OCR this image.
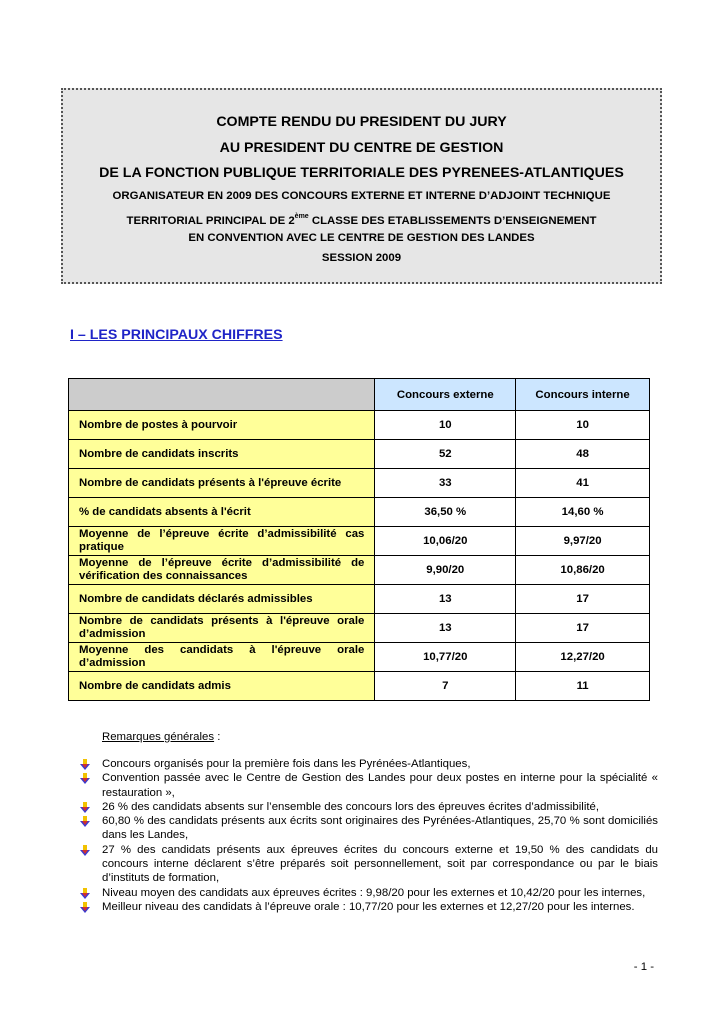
COMPTE RENDU DU PRESIDENT DU JURY
AU PRESIDENT DU CENTRE DE GESTION
DE LA FONCTION PUBLIQUE TERRITORIALE DES PYRENEES-ATLANTIQUES
ORGANISATEUR EN 2009 DES CONCOURS EXTERNE ET INTERNE D’ADJOINT TECHNIQUE
TERRITORIAL PRINCIPAL DE 2ème CLASSE DES ETABLISSEMENTS D’ENSEIGNEMENT
EN CONVENTION AVEC LE CENTRE DE GESTION DES LANDES
SESSION 2009
I – LES PRINCIPAUX CHIFFRES
	Concours externe	Concours interne
Nombre de postes à pourvoir	10	10
Nombre de candidats inscrits	52	48
Nombre de candidats présents à l'épreuve écrite	33	41
% de candidats absents à l'écrit	36,50 %	14,60 %
Moyenne de l’épreuve écrite d’admissibilité cas pratique	10,06/20	9,97/20
Moyenne de l’épreuve écrite d’admissibilité de vérification des connaissances	9,90/20	10,86/20
Nombre de candidats déclarés admissibles	13	17
Nombre de candidats présents à l'épreuve orale d’admission	13	17
Moyenne des candidats à l'épreuve orale d’admission	10,77/20	12,27/20
Nombre de candidats admis	7	11
Remarques générales :
Concours organisés pour la première fois dans les Pyrénées-Atlantiques,
Convention passée avec le Centre de Gestion des Landes pour deux postes en interne pour la spécialité « restauration »,
26 % des candidats absents sur l’ensemble des concours lors des épreuves écrites d’admissibilité,
60,80 % des candidats présents aux écrits sont originaires des Pyrénées-Atlantiques, 25,70 % sont domiciliés dans les Landes,
27 % des candidats présents aux épreuves écrites du concours externe et 19,50 % des candidats du concours interne déclarent s’être préparés soit personnellement, soit par correspondance ou par le biais d’instituts de formation,
Niveau moyen des candidats aux épreuves écrites : 9,98/20 pour les externes et 10,42/20 pour les internes,
Meilleur niveau des candidats à l’épreuve orale : 10,77/20 pour les externes et 12,27/20 pour les internes.
- 1 -
